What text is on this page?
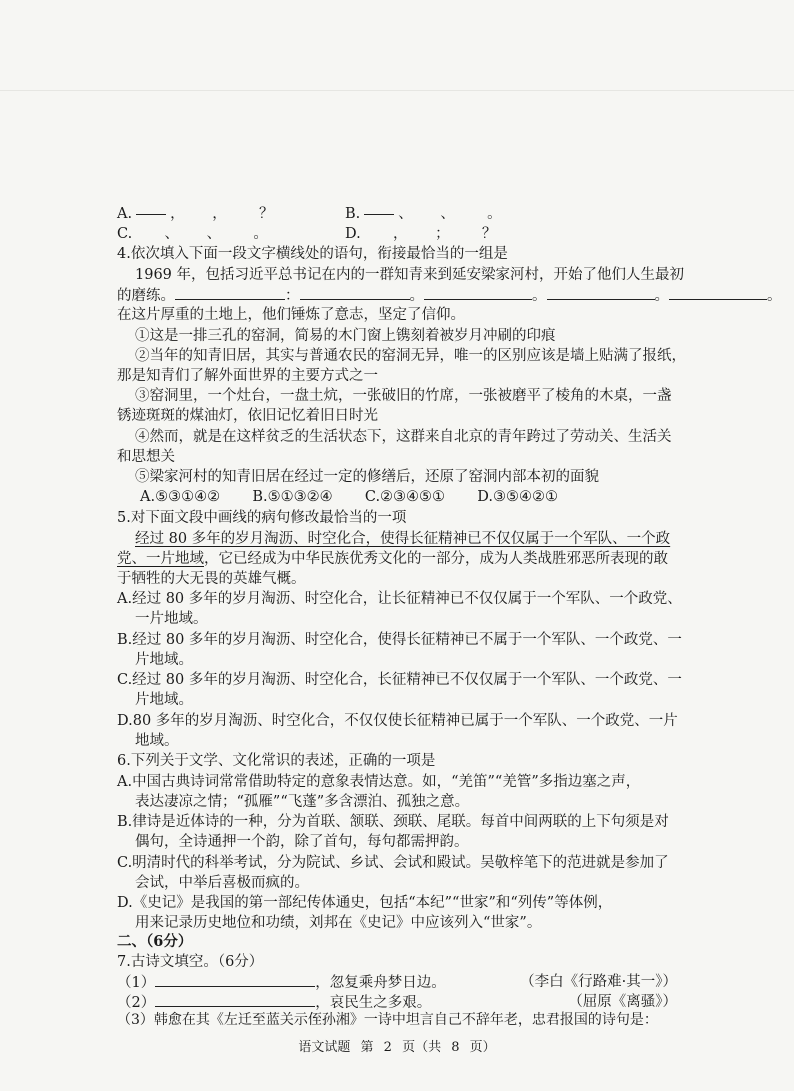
A.	，      ，       ？	B.	、      、       。
C.       、      、       。	D.       ，      ；       ？
4.依次填入下面一段文字横线处的语句，衔接最恰当的一组是
1969 年，包括习近平总书记在内的一群知青来到延安梁家河村，开始了他们人生最初
的磨练。	：	。	。	。	。
在这片厚重的土地上，他们锤炼了意志，坚定了信仰。
①这是一排三孔的窑洞，简易的木门窗上镌刻着被岁月冲刷的印痕
②当年的知青旧居，其实与普通农民的窑洞无异，唯一的区别应该是墙上贴满了报纸，
那是知青们了解外面世界的主要方式之一
③窑洞里，一个灶台，一盘土炕，一张破旧的竹席，一张被磨平了棱角的木桌，一盏
锈迹斑斑的煤油灯，依旧记忆着旧日时光
④然而，就是在这样贫乏的生活状态下，这群来自北京的青年跨过了劳动关、生活关
和思想关
⑤梁家河村的知青旧居在经过一定的修缮后，还原了窑洞内部本初的面貌
A.⑤③①④②       B.⑤①③②④       C.②③④⑤①       D.③⑤④②①
5.对下面文段中画线的病句修改最恰当的一项
经过 80 多年的岁月淘沥、时空化合，使得长征精神已不仅仅属于一个军队、一个政
党、一片地域，它已经成为中华民族优秀文化的一部分，成为人类战胜邪恶所表现的敢
于牺牲的大无畏的英雄气概。
A.经过 80 多年的岁月淘沥、时空化合，让长征精神已不仅仅属于一个军队、一个政党、
一片地域。
B.经过 80 多年的岁月淘沥、时空化合，使得长征精神已不属于一个军队、一个政党、一
片地域。
C.经过 80 多年的岁月淘沥、时空化合，长征精神已不仅仅属于一个军队、一个政党、一
片地域。
D.80 多年的岁月淘沥、时空化合，不仅仅使长征精神已属于一个军队、一个政党、一片
地域。
6.下列关于文学、文化常识的表述，正确的一项是
A.中国古典诗词常常借助特定的意象表情达意。如，“羌笛”“羌管”多指边塞之声，
表达凄凉之情；“孤雁”“飞蓬”多含漂泊、孤独之意。
B.律诗是近体诗的一种，分为首联、颔联、颈联、尾联。每首中间两联的上下句须是对
偶句，全诗通押一个韵，除了首句，每句都需押韵。
C.明清时代的科举考试，分为院试、乡试、会试和殿试。吴敬梓笔下的范进就是参加了
会试，中举后喜极而疯的。
D.《史记》是我国的第一部纪传体通史，包括“本纪”“世家”和“列传”等体例，
用来记录历史地位和功绩，刘邦在《史记》中应该列入“世家”。
二、（6分）
7.古诗文填空。（6分）
（1）	，忽复乘舟梦日边。	（李白《行路难·其一》）
（2）	，哀民生之多艰。	（屈原《离骚》）
（3）韩愈在其《左迁至蓝关示侄孙湘》一诗中坦言自己不辞年老，忠君报国的诗句是：
语文试题 第 2 页（共 8 页）
